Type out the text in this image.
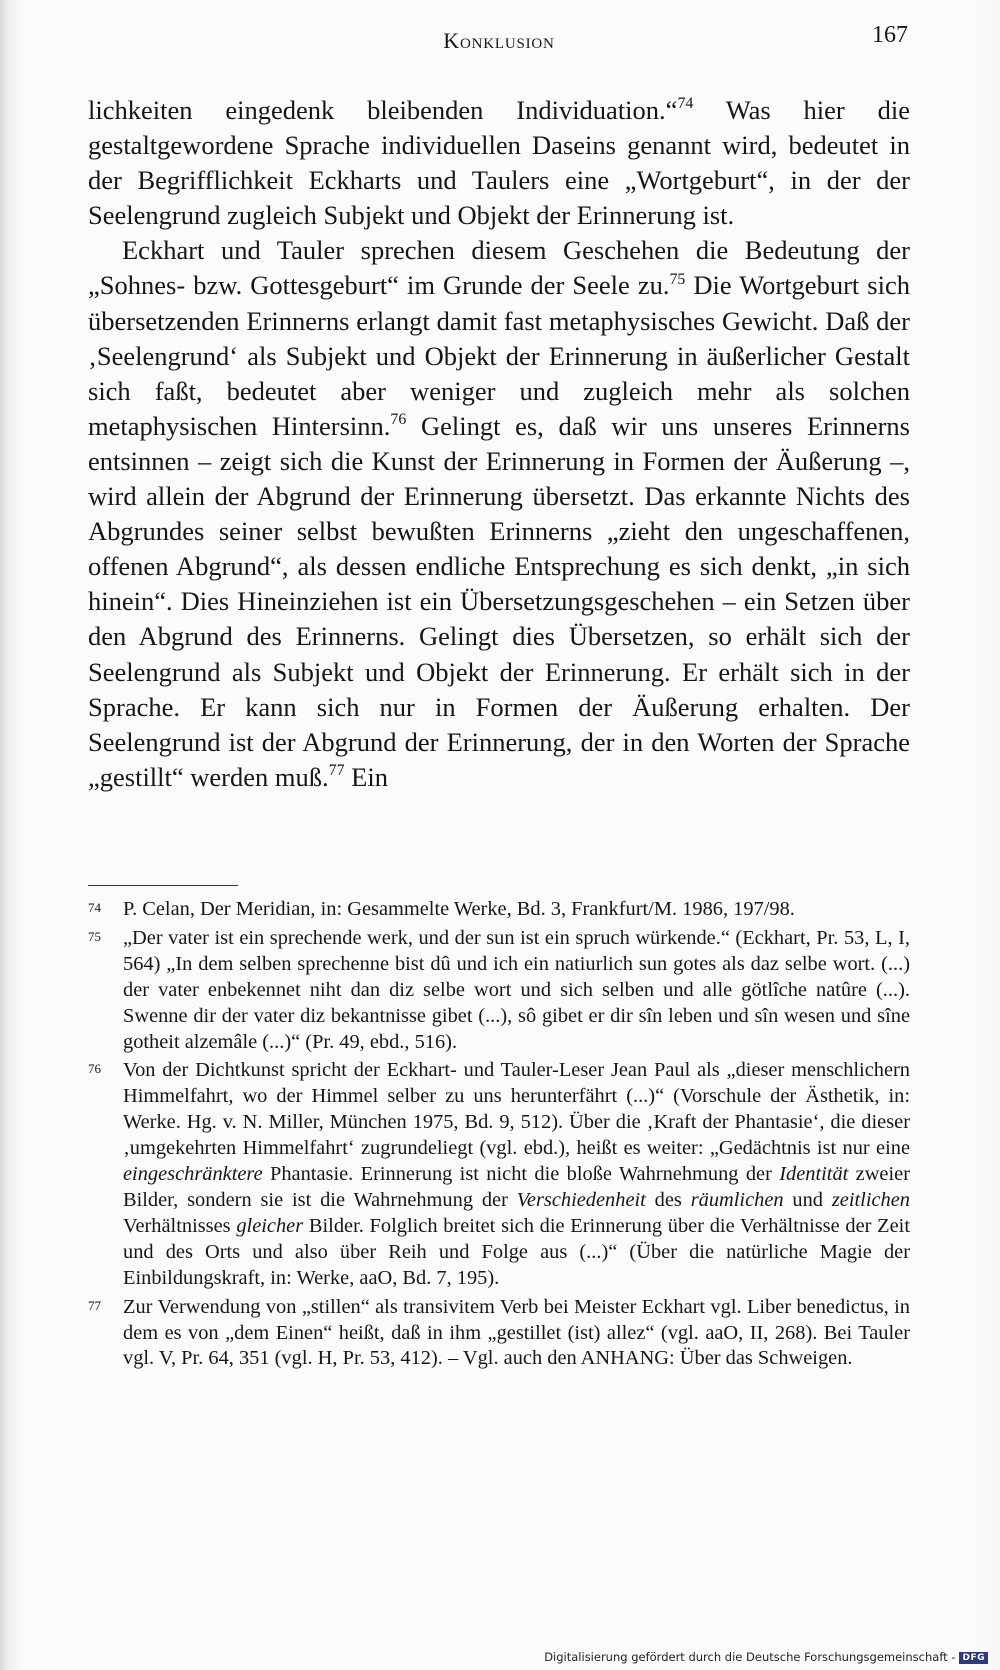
Konklusion	167

lichkeiten eingedenk bleibenden Individuation.“$^{74}$ Was hier die gestaltgewordene Sprache individuellen Daseins genannt wird, bedeutet in der Begrifflichkeit Eckharts und Taulers eine „Wortgeburt“, in der der Seelengrund zugleich Subjekt und Objekt der Erinnerung ist.

Eckhart und Tauler sprechen diesem Geschehen die Bedeutung der „Sohnes- bzw. Gottesgeburt“ im Grunde der Seele zu.$^{75}$ Die Wortgeburt sich übersetzenden Erinnerns erlangt damit fast metaphysisches Gewicht. Daß der ‚Seelengrund‘ als Subjekt und Objekt der Erinnerung in äußerlicher Gestalt sich faßt, bedeutet aber weniger und zugleich mehr als solchen metaphysischen Hintersinn.$^{76}$ Gelingt es, daß wir uns unseres Erinnerns entsinnen – zeigt sich die Kunst der Erinnerung in Formen der Äußerung –, wird allein der Abgrund der Erinnerung übersetzt. Das erkannte Nichts des Abgrundes seiner selbst bewußten Erinnerns „zieht den ungeschaffenen, offenen Abgrund“, als dessen endliche Entsprechung es sich denkt, „in sich hinein“. Dies Hineinziehen ist ein Übersetzungsgeschehen – ein Setzen über den Abgrund des Erinnerns. Gelingt dies Übersetzen, so erhält sich der Seelengrund als Subjekt und Objekt der Erinnerung. Er erhält sich in der Sprache. Er kann sich nur in Formen der Äußerung erhalten. Der Seelengrund ist der Abgrund der Erinnerung, der in den Worten der Sprache „gestillt“ werden muß.$^{77}$ Ein

74 P. Celan, Der Meridian, in: Gesammelte Werke, Bd. 3, Frankfurt/M. 1986, 197/98.
75 „Der vater ist ein sprechende werk, und der sun ist ein spruch würkende.“ (Eckhart, Pr. 53, L, I, 564) „In dem selben sprechenne bist dû und ich ein natiurlich sun gotes als daz selbe wort. (...) der vater enbekennet niht dan diz selbe wort und sich selben und alle götlîche natûre (...). Swenne dir der vater diz bekantnisse gibet (...), sô gibet er dir sîn leben und sîn wesen und sîne gotheit alzemâle (...)“ (Pr. 49, ebd., 516).
76 Von der Dichtkunst spricht der Eckhart- und Tauler-Leser Jean Paul als „dieser menschlichern Himmelfahrt, wo der Himmel selber zu uns herunterfährt (...)“ (Vorschule der Ästhetik, in: Werke. Hg. v. N. Miller, München 1975, Bd. 9, 512). Über die ‚Kraft der Phantasie‘, die dieser ‚umgekehrten Himmelfahrt‘ zugrundeliegt (vgl. ebd.), heißt es weiter: „Gedächtnis ist nur eine eingeschränktere Phantasie. Erinnerung ist nicht die bloße Wahrnehmung der Identität zweier Bilder, sondern sie ist die Wahrnehmung der Verschiedenheit des räumlichen und zeitlichen Verhältnisses gleicher Bilder. Folglich breitet sich die Erinnerung über die Verhältnisse der Zeit und des Orts und also über Reih und Folge aus (...)“ (Über die natürliche Magie der Einbildungskraft, in: Werke, aaO, Bd. 7, 195).
77 Zur Verwendung von „stillen“ als transivitem Verb bei Meister Eckhart vgl. Liber benedictus, in dem es von „dem Einen“ heißt, daß in ihm „gestillet (ist) allez“ (vgl. aaO, II, 268). Bei Tauler vgl. V, Pr. 64, 351 (vgl. H, Pr. 53, 412). – Vgl. auch den ANHANG: Über das Schweigen.
Digitalisierung gefördert durch die Deutsche Forschungsgemeinschaft - DFG
